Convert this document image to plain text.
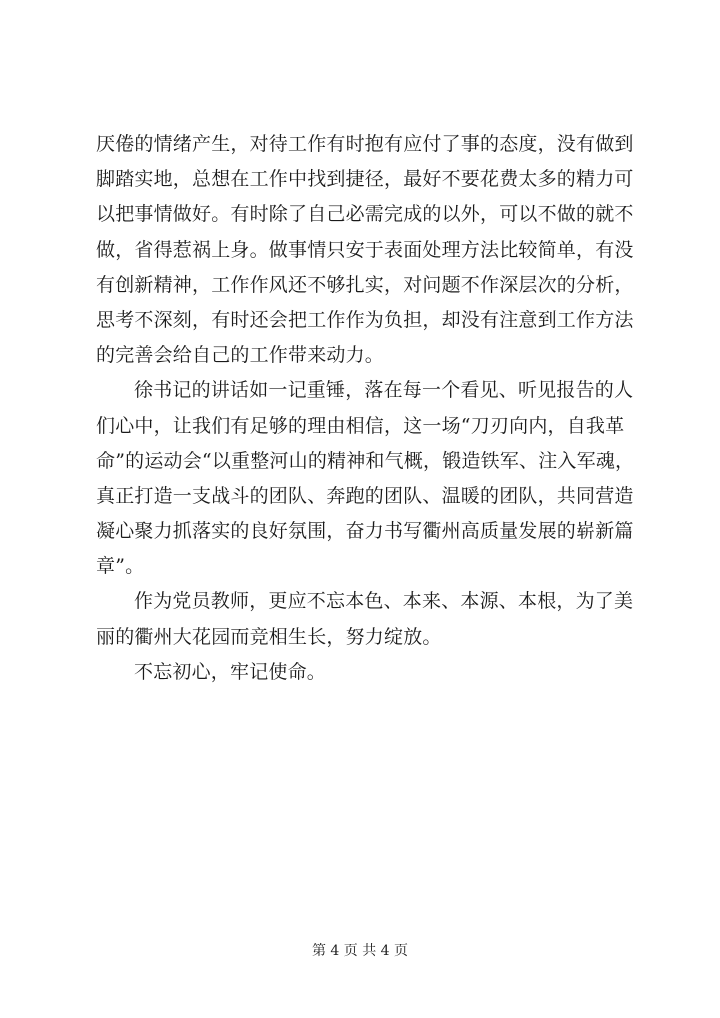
厌倦的情绪产生，对待工作有时抱有应付了事的态度，没有做到
脚踏实地，总想在工作中找到捷径，最好不要花费太多的精力可
以把事情做好。有时除了自己必需完成的以外，可以不做的就不
做，省得惹祸上身。做事情只安于表面处理方法比较简单，有没
有创新精神，工作作风还不够扎实，对问题不作深层次的分析，
思考不深刻，有时还会把工作作为负担，却没有注意到工作方法
的完善会给自己的工作带来动力。
徐书记的讲话如一记重锤，落在每一个看见、听见报告的人
们心中，让我们有足够的理由相信，这一场“刀刃向内，自我革
命”的运动会“以重整河山的精神和气概，锻造铁军、注入军魂，
真正打造一支战斗的团队、奔跑的团队、温暖的团队，共同营造
凝心聚力抓落实的良好氛围，奋力书写衢州高质量发展的崭新篇
章”。
作为党员教师，更应不忘本色、本来、本源、本根，为了美
丽的衢州大花园而竞相生长，努力绽放。
不忘初心，牢记使命。
第 4 页 共 4 页
